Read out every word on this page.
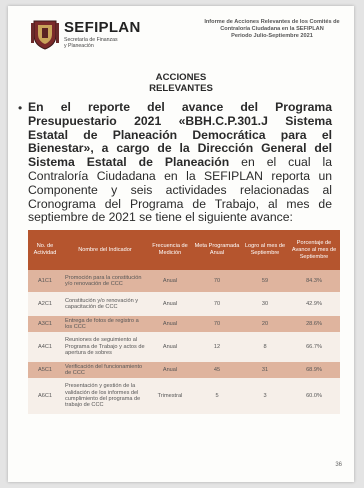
SEFIPLAN
Secretaría de Finanzas
y Planeación
Informe de Acciones Relevantes de los Comités de Contraloría Ciudadana en la SEFIPLAN
Periodo Julio-Septiembre 2021
ACCIONES
RELEVANTES
• En el reporte del avance del Programa Presupuestario 2021 «BBH.C.P.301.J Sistema Estatal de Planeación Democrática para el Bienestar», a cargo de la Dirección General del Sistema Estatal de Planeación en el cual la Contraloría Ciudadana en la SEFIPLAN reporta un Componente y seis actividades relacionadas al Cronograma del Programa de Trabajo, al mes de septiembre de 2021 se tiene el siguiente avance:
No. de Actividad	Nombre del Indicador	Frecuencia de Medición	Meta Programada Anual	Logro al mes de Septiembre	Porcentaje de Avance al mes de Septiembre
A1C1	Promoción para la constitución y/o renovación de CCC	Anual	70	59	84.3%
A2C1	Constitución y/o renovación y capacitación de CCC	Anual	70	30	42.9%
A3C1	Entrega de fotos de registro a los CCC	Anual	70	20	28.6%
A4C1	Reuniones de seguimiento al Programa de Trabajo y actos de apertura de sobres	Anual	12	8	66.7%
A5C1	Verificación del funcionamiento de CCC	Anual	45	31	68.9%
A6C1	Presentación y gestión de la validación de los informes del cumplimiento del programa de trabajo de CCC	Trimestral	5	3	60.0%
36
